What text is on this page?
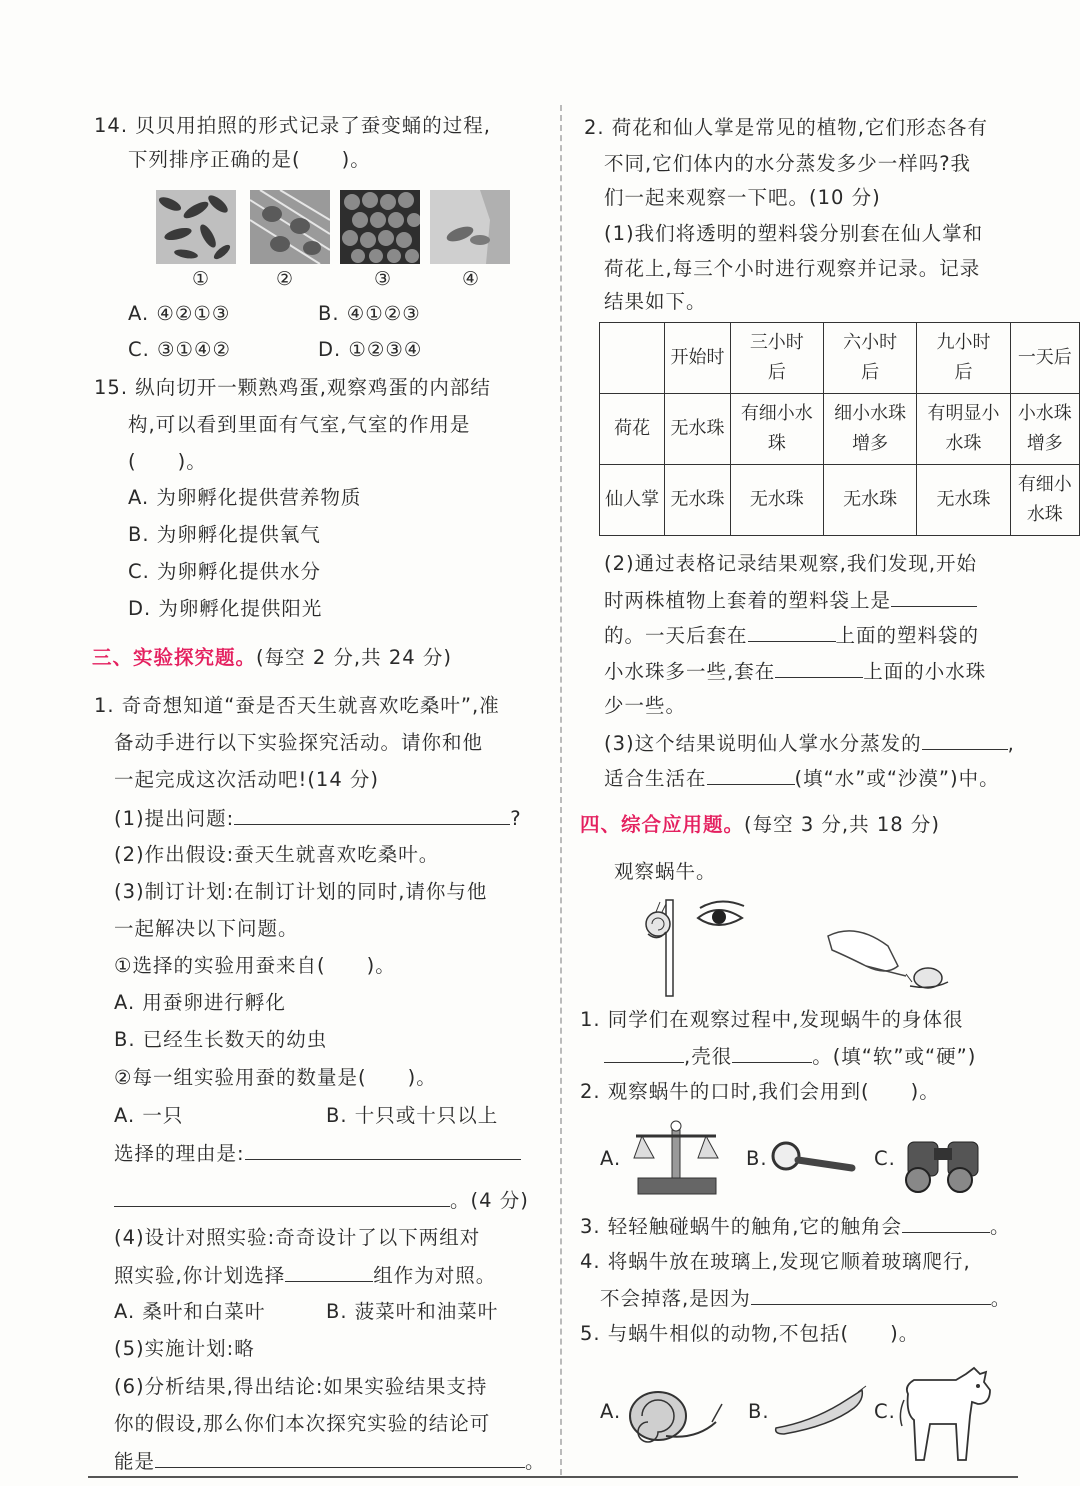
14. 贝贝用拍照的形式记录了蚕变蛹的过程,
下列排序正确的是(　　)。
①	②	③	④
A. ④②①③	B. ④①②③
C. ③①④②	D. ①②③④
15. 纵向切开一颗熟鸡蛋,观察鸡蛋的内部结
构,可以看到里面有气室,气室的作用是
(　　)。
A. 为卵孵化提供营养物质
B. 为卵孵化提供氧气
C. 为卵孵化提供水分
D. 为卵孵化提供阳光
三、实验探究题。(每空 2 分,共 24 分)
1. 奇奇想知道“蚕是否天生就喜欢吃桑叶”,准
备动手进行以下实验探究活动。请你和他
一起完成这次活动吧!(14 分)
(1)提出问题:	?
(2)作出假设:蚕天生就喜欢吃桑叶。
(3)制订计划:在制订计划的同时,请你与他
一起解决以下问题。
①选择的实验用蚕来自(　　)。
A. 用蚕卵进行孵化
B. 已经生长数天的幼虫
②每一组实验用蚕的数量是(　　)。
A. 一只	B. 十只或十只以上
选择的理由是:
。(4 分)
(4)设计对照实验:奇奇设计了以下两组对
照实验,你计划选择	组作为对照。
A. 桑叶和白菜叶	B. 菠菜叶和油菜叶
(5)实施计划:略
(6)分析结果,得出结论:如果实验结果支持
你的假设,那么你们本次探究实验的结论可
能是	。
2. 荷花和仙人掌是常见的植物,它们形态各有
不同,它们体内的水分蒸发多少一样吗?我
们一起来观察一下吧。(10 分)
(1)我们将透明的塑料袋分别套在仙人掌和
荷花上,每三个小时进行观察并记录。记录
结果如下。
	开始时	三小时后	六小时后	九小时后	一天后
荷花	无水珠	有细小水珠	细小水珠增多	有明显小水珠	小水珠增多
仙人掌	无水珠	无水珠	无水珠	无水珠	有细小水珠
(2)通过表格记录结果观察,我们发现,开始
时两株植物上套着的塑料袋上是
的。一天后套在	上面的塑料袋的
小水珠多一些,套在	上面的小水珠
少一些。
(3)这个结果说明仙人掌水分蒸发的	,
适合生活在	(填“水”或“沙漠”)中。
四、综合应用题。(每空 3 分,共 18 分)
观察蜗牛。
1. 同学们在观察过程中,发现蜗牛的身体很
,壳很	。(填“软”或“硬”)
2. 观察蜗牛的口时,我们会用到(　　)。
A.	B.	C.
3. 轻轻触碰蜗牛的触角,它的触角会	。
4. 将蜗牛放在玻璃上,发现它顺着玻璃爬行,
不会掉落,是因为	。
5. 与蜗牛相似的动物,不包括(　　)。
A.	B.	C.
